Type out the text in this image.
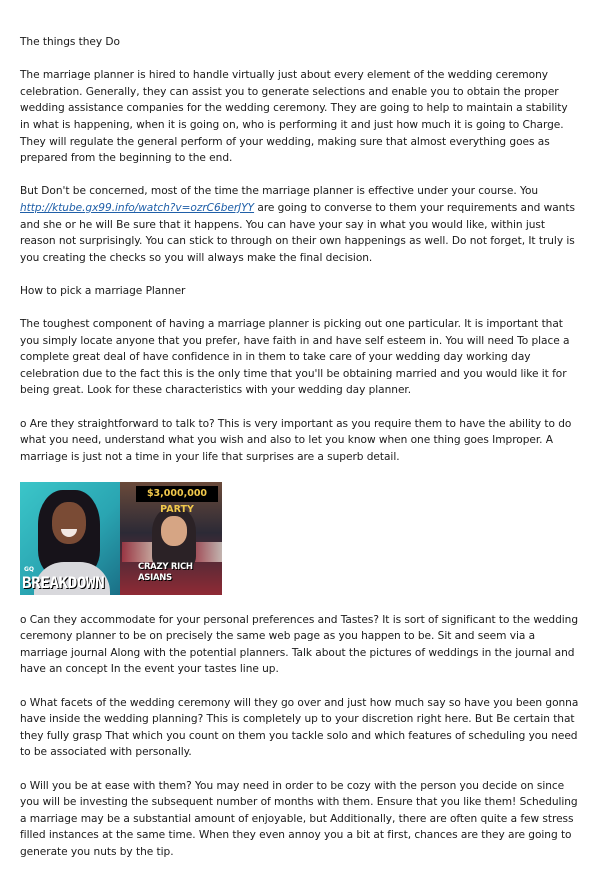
The things they Do

The marriage planner is hired to handle virtually just about every element of the wedding ceremony celebration. Generally, they can assist you to generate selections and enable you to obtain the proper wedding assistance companies for the wedding ceremony. They are going to help to maintain a stability in what is happening, when it is going on, who is performing it and just how much it is going to Charge. They will regulate the general perform of your wedding, making sure that almost everything goes as prepared from the beginning to the end.

But Don't be concerned, most of the time the marriage planner is effective under your course. You http://ktube.gx99.info/watch?v=ozrC6berJYY are going to converse to them your requirements and wants and she or he will Be sure that it happens. You can have your say in what you would like, within just reason not surprisingly. You can stick to through on their own happenings as well. Do not forget, It truly is you creating the checks so you will always make the final decision.

How to pick a marriage Planner

The toughest component of having a marriage planner is picking out one particular. It is important that you simply locate anyone that you prefer, have faith in and have self esteem in. You will need To place a complete great deal of have confidence in in them to take care of your wedding day working day celebration due to the fact this is the only time that you'll be obtaining married and you would like it for being great. Look for these characteristics with your wedding day planner.

o Are they straightforward to talk to? This is very important as you require them to have the ability to do what you need, understand what you wish and also to let you know when one thing goes Improper. A marriage is just not a time in your life that surprises are a superb detail.

$3,000,000 PARTY
GQ
BREAKDOWN
CRAZY RICH ASIANS

o Can they accommodate for your personal preferences and Tastes? It is sort of significant to the wedding ceremony planner to be on precisely the same web page as you happen to be. Sit and seem via a marriage journal Along with the potential planners. Talk about the pictures of weddings in the journal and have an concept In the event your tastes line up.

o What facets of the wedding ceremony will they go over and just how much say so have you been gonna have inside the wedding planning? This is completely up to your discretion right here. But Be certain that they fully grasp That which you count on them you tackle solo and which features of scheduling you need to be associated with personally.

o Will you be at ease with them? You may need in order to be cozy with the person you decide on since you will be investing the subsequent number of months with them. Ensure that you like them! Scheduling a marriage may be a substantial amount of enjoyable, but Additionally, there are often quite a few stress filled instances at the same time. When they even annoy you a bit at first, chances are they are going to generate you nuts by the tip.
